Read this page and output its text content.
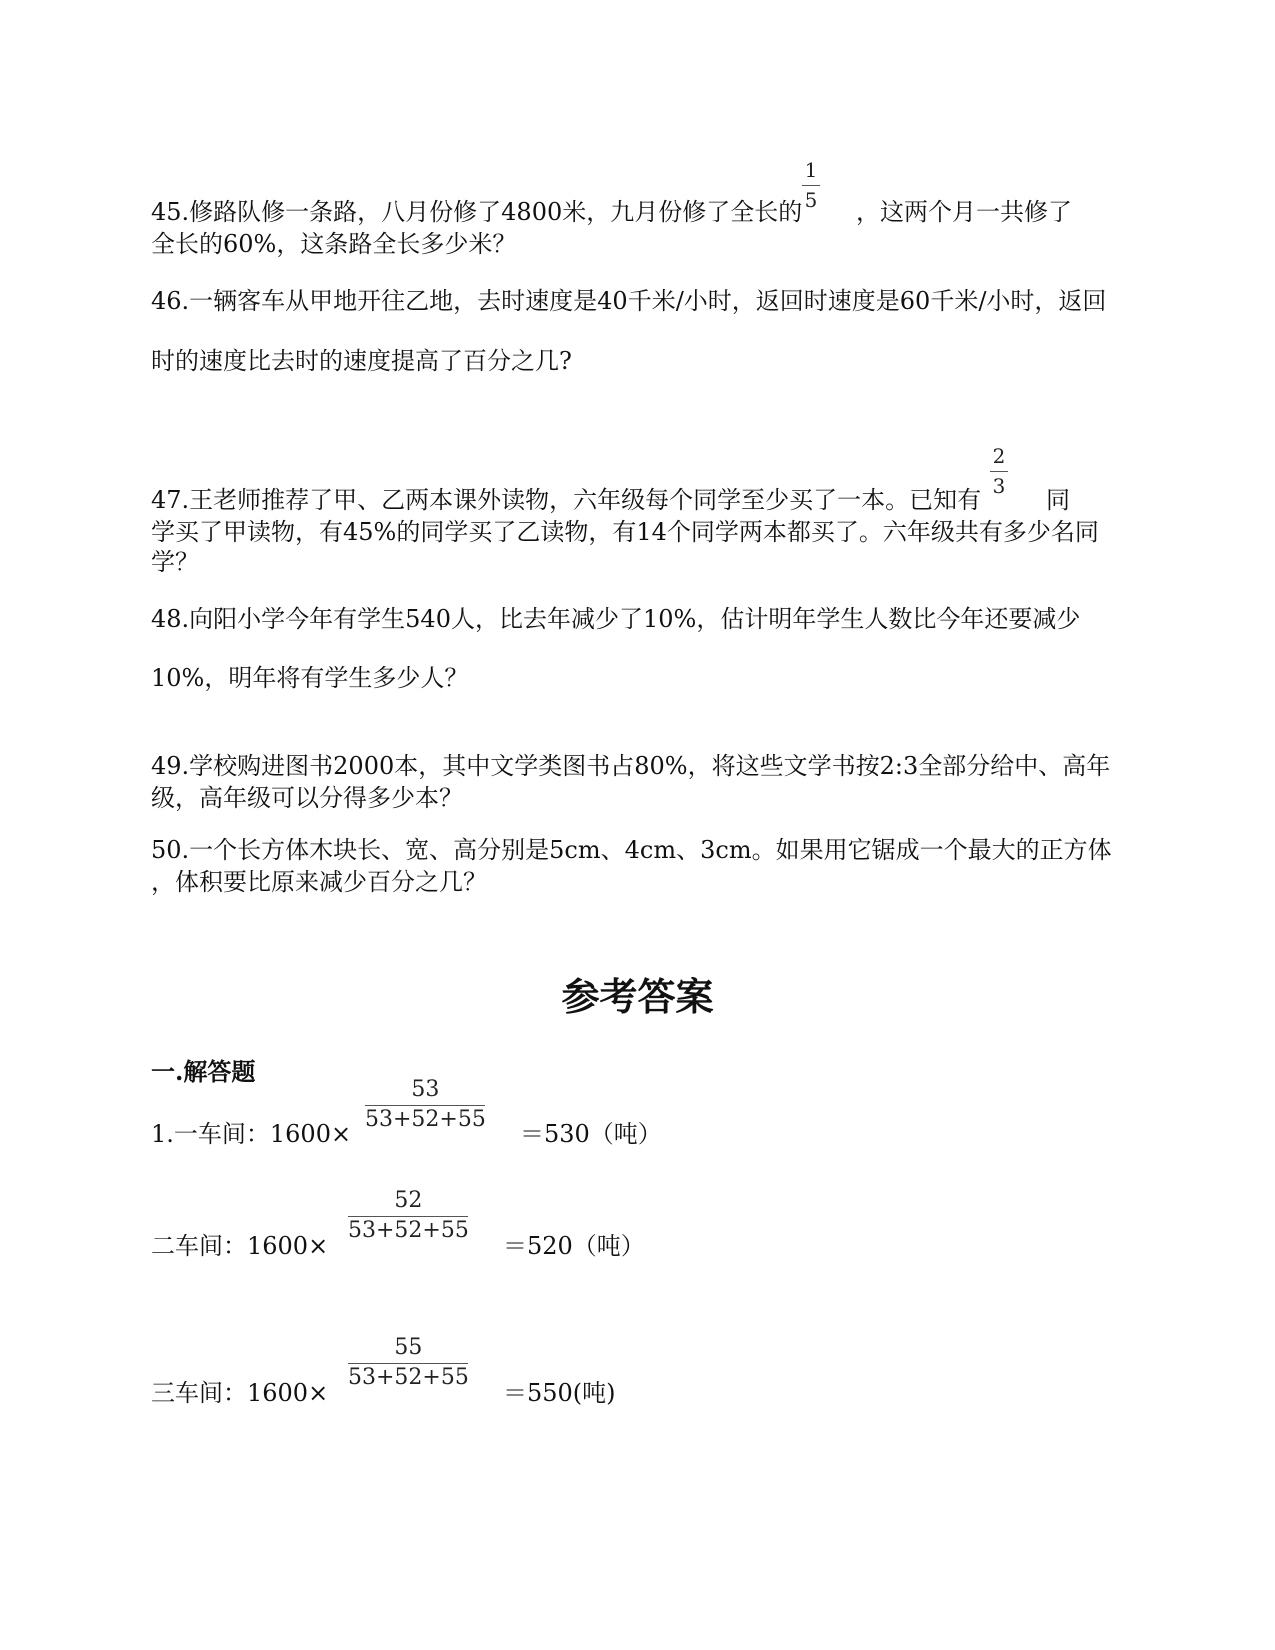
45.修路队修一条路，八月份修了4800米，九月份修了全长的
1
5 ，这两个月一共修了
全长的60%，这条路全长多少米？
46.一辆客车从甲地开往乙地，去时速度是40千米/小时，返回时速度是60千米/小时，返回
时的速度比去时的速度提高了百分之几?
47.王老师推荐了甲、乙两本课外读物，六年级每个同学至少买了一本。已知有
2
3 同
学买了甲读物，有45%的同学买了乙读物，有14个同学两本都买了。六年级共有多少名同
学？
48.向阳小学今年有学生540人，比去年减少了10%，估计明年学生人数比今年还要减少
10%，明年将有学生多少人？
49.学校购进图书2000本，其中文学类图书占80%，将这些文学书按2:3全部分给中、高年
级，高年级可以分得多少本？
50.一个长方体木块长、宽、高分别是5cm、4cm、3cm。如果用它锯成一个最大的正方体
，体积要比原来减少百分之几？
参考答案
一.解答题
1.一车间：1600×
53
53+52+55
＝530（吨）
二车间：1600×
52
53+52+55
＝520（吨）
三车间：1600×
55
53+52+55
＝550(吨)
